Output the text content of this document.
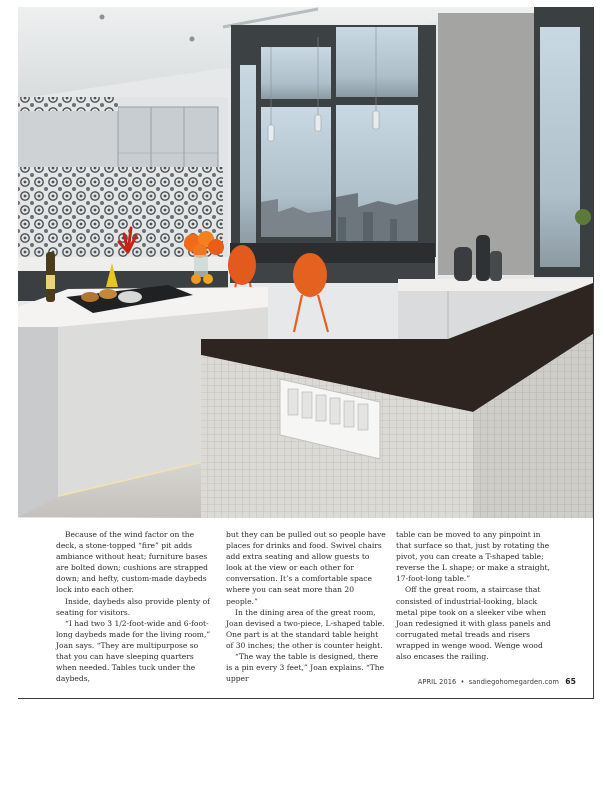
Because of the wind factor on the deck, a stone-topped “fire” pit adds ambiance without heat; furniture bases are bolted down; cushions are strapped down; and hefty, custom-made daybeds lock into each other.

Inside, daybeds also provide plenty of seating for visitors.

“I had two 3 1/2-foot-wide and 6-foot-long daybeds made for the living room,” Joan says. “They are multipurpose so that you can have sleeping quarters when needed. Tables tuck under the daybeds,

but they can be pulled out so people have places for drinks and food. Swivel chairs add extra seating and allow guests to look at the view or each other for conversation. It’s a comfortable space where you can seat more than 20 people.”

In the dining area of the great room, Joan devised a two-piece, L-shaped table. One part is at the standard table height of 30 inches; the other is counter height.

“The way the table is designed, there is a pin every 3 feet,” Joan explains. “The upper

table can be moved to any pinpoint in that surface so that, just by rotating the pivot, you can create a T-shaped table; reverse the L shape; or make a straight, 17-foot-long table.”

Off the great room, a staircase that consisted of industrial-looking, black metal pipe took on a sleeker vibe when Joan redesigned it with glass panels and corrugated metal treads and risers wrapped in wenge wood. Wenge wood also encases the railing.

APRIL 2016 • sandiegohomegarden.com 65
